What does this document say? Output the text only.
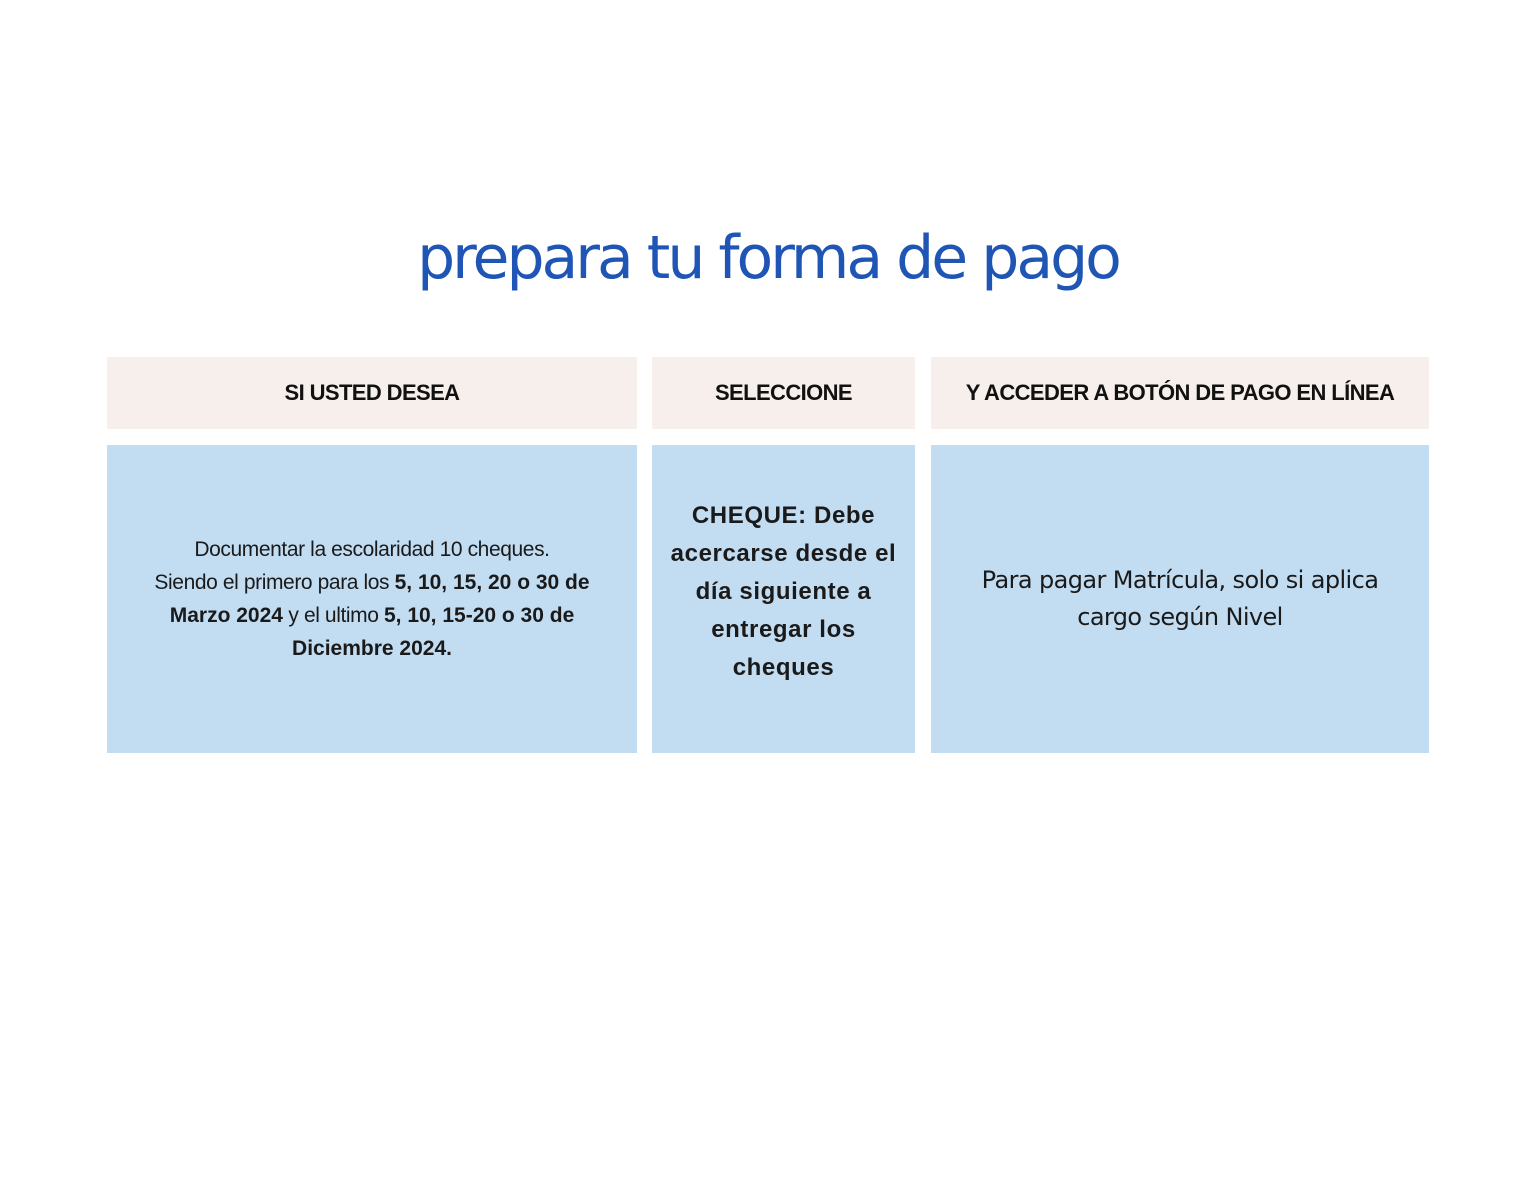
prepara tu forma de pago
SI USTED DESEA	SELECCIONE	Y ACCEDER A BOTÓN DE PAGO EN LÍNEA
Documentar la escolaridad 10 cheques.
Siendo el primero para los 5, 10, 15, 20 o 30 de Marzo 2024 y el ultimo 5, 10, 15-20 o 30 de Diciembre 2024.
CHEQUE: Debe acercarse desde el día siguiente a entregar los cheques
Para pagar Matrícula, solo si aplica cargo según Nivel
